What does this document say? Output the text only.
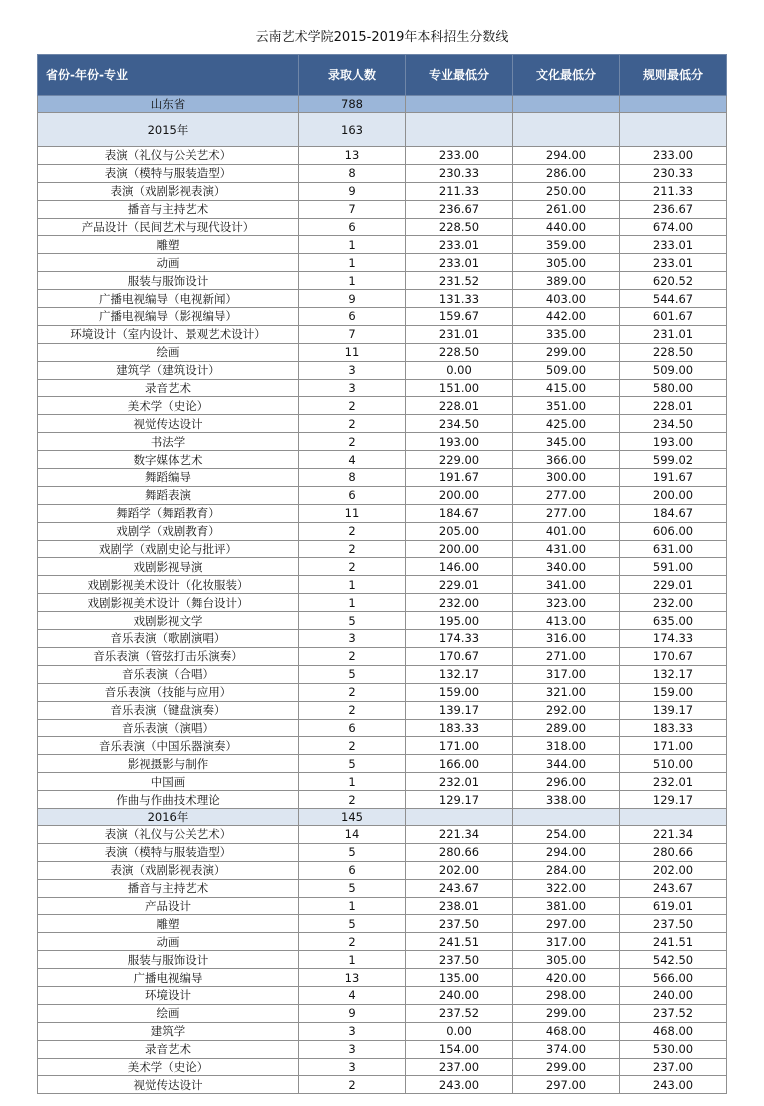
云南艺术学院2015-2019年本科招生分数线
省份-年份-专业	录取人数	专业最低分	文化最低分	规则最低分
山东省	788			
2015年	163			
表演（礼仪与公关艺术）	13	233.00	294.00	233.00
表演（模特与服装造型）	8	230.33	286.00	230.33
表演（戏剧影视表演）	9	211.33	250.00	211.33
播音与主持艺术	7	236.67	261.00	236.67
产品设计（民间艺术与现代设计）	6	228.50	440.00	674.00
雕塑	1	233.01	359.00	233.01
动画	1	233.01	305.00	233.01
服装与服饰设计	1	231.52	389.00	620.52
广播电视编导（电视新闻）	9	131.33	403.00	544.67
广播电视编导（影视编导）	6	159.67	442.00	601.67
环境设计（室内设计、景观艺术设计）	7	231.01	335.00	231.01
绘画	11	228.50	299.00	228.50
建筑学（建筑设计）	3	0.00	509.00	509.00
录音艺术	3	151.00	415.00	580.00
美术学（史论）	2	228.01	351.00	228.01
视觉传达设计	2	234.50	425.00	234.50
书法学	2	193.00	345.00	193.00
数字媒体艺术	4	229.00	366.00	599.02
舞蹈编导	8	191.67	300.00	191.67
舞蹈表演	6	200.00	277.00	200.00
舞蹈学（舞蹈教育）	11	184.67	277.00	184.67
戏剧学（戏剧教育）	2	205.00	401.00	606.00
戏剧学（戏剧史论与批评）	2	200.00	431.00	631.00
戏剧影视导演	2	146.00	340.00	591.00
戏剧影视美术设计（化妆服装）	1	229.01	341.00	229.01
戏剧影视美术设计（舞台设计）	1	232.00	323.00	232.00
戏剧影视文学	5	195.00	413.00	635.00
音乐表演（歌剧演唱）	3	174.33	316.00	174.33
音乐表演（管弦打击乐演奏）	2	170.67	271.00	170.67
音乐表演（合唱）	5	132.17	317.00	132.17
音乐表演（技能与应用）	2	159.00	321.00	159.00
音乐表演（键盘演奏）	2	139.17	292.00	139.17
音乐表演（演唱）	6	183.33	289.00	183.33
音乐表演（中国乐器演奏）	2	171.00	318.00	171.00
影视摄影与制作	5	166.00	344.00	510.00
中国画	1	232.01	296.00	232.01
作曲与作曲技术理论	2	129.17	338.00	129.17
2016年	145			
表演（礼仪与公关艺术）	14	221.34	254.00	221.34
表演（模特与服装造型）	5	280.66	294.00	280.66
表演（戏剧影视表演）	6	202.00	284.00	202.00
播音与主持艺术	5	243.67	322.00	243.67
产品设计	1	238.01	381.00	619.01
雕塑	5	237.50	297.00	237.50
动画	2	241.51	317.00	241.51
服装与服饰设计	1	237.50	305.00	542.50
广播电视编导	13	135.00	420.00	566.00
环境设计	4	240.00	298.00	240.00
绘画	9	237.52	299.00	237.52
建筑学	3	0.00	468.00	468.00
录音艺术	3	154.00	374.00	530.00
美术学（史论）	3	237.00	299.00	237.00
视觉传达设计	2	243.00	297.00	243.00
